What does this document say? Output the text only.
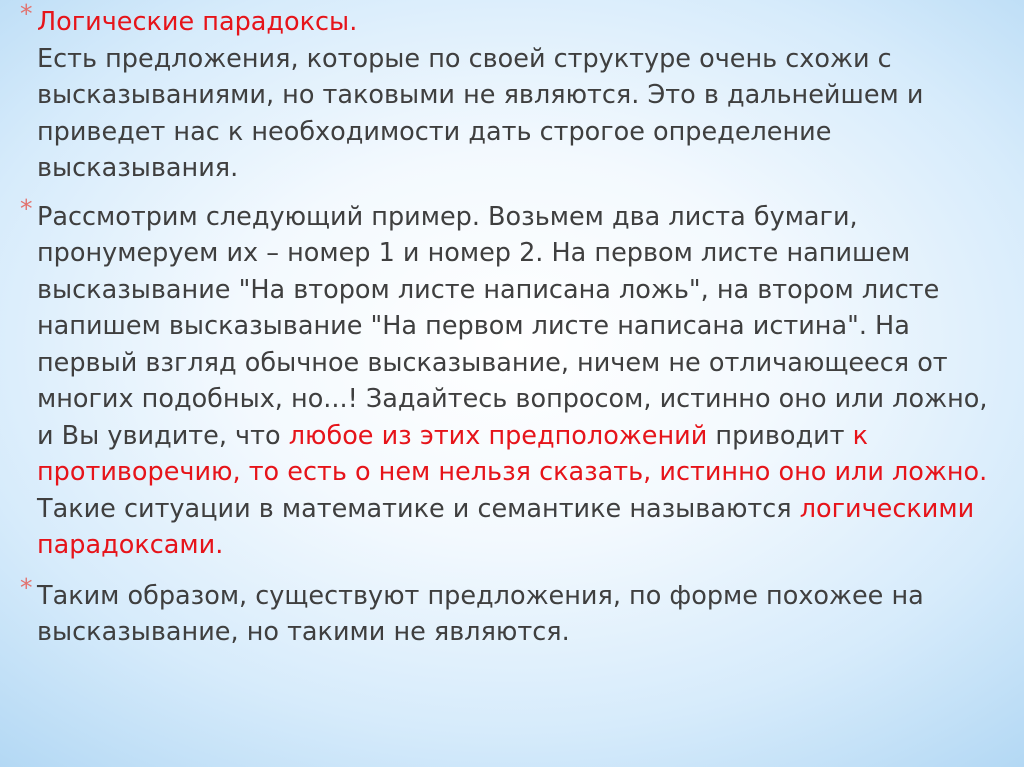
* Логические парадоксы.
Есть предложения, которые по своей структуре очень схожи с высказываниями, но таковыми не являются. Это в дальнейшем и приведет нас к необходимости дать строгое определение высказывания.
* Рассмотрим следующий пример. Возьмем два листа бумаги, пронумеруем их – номер 1 и номер 2. На первом листе напишем высказывание "На втором листе написана ложь", на втором листе напишем высказывание "На первом листе написана истина". На первый взгляд обычное высказывание, ничем не отличающееся от многих подобных, но...! Задайтесь вопросом, истинно оно или ложно, и Вы увидите, что любое из этих предположений приводит к противоречию, то есть о нем нельзя сказать, истинно оно или ложно. Такие ситуации в математике и семантике называются логическими парадоксами.
* Таким образом, существуют предложения, по форме похожее на высказывание, но такими не являются.
